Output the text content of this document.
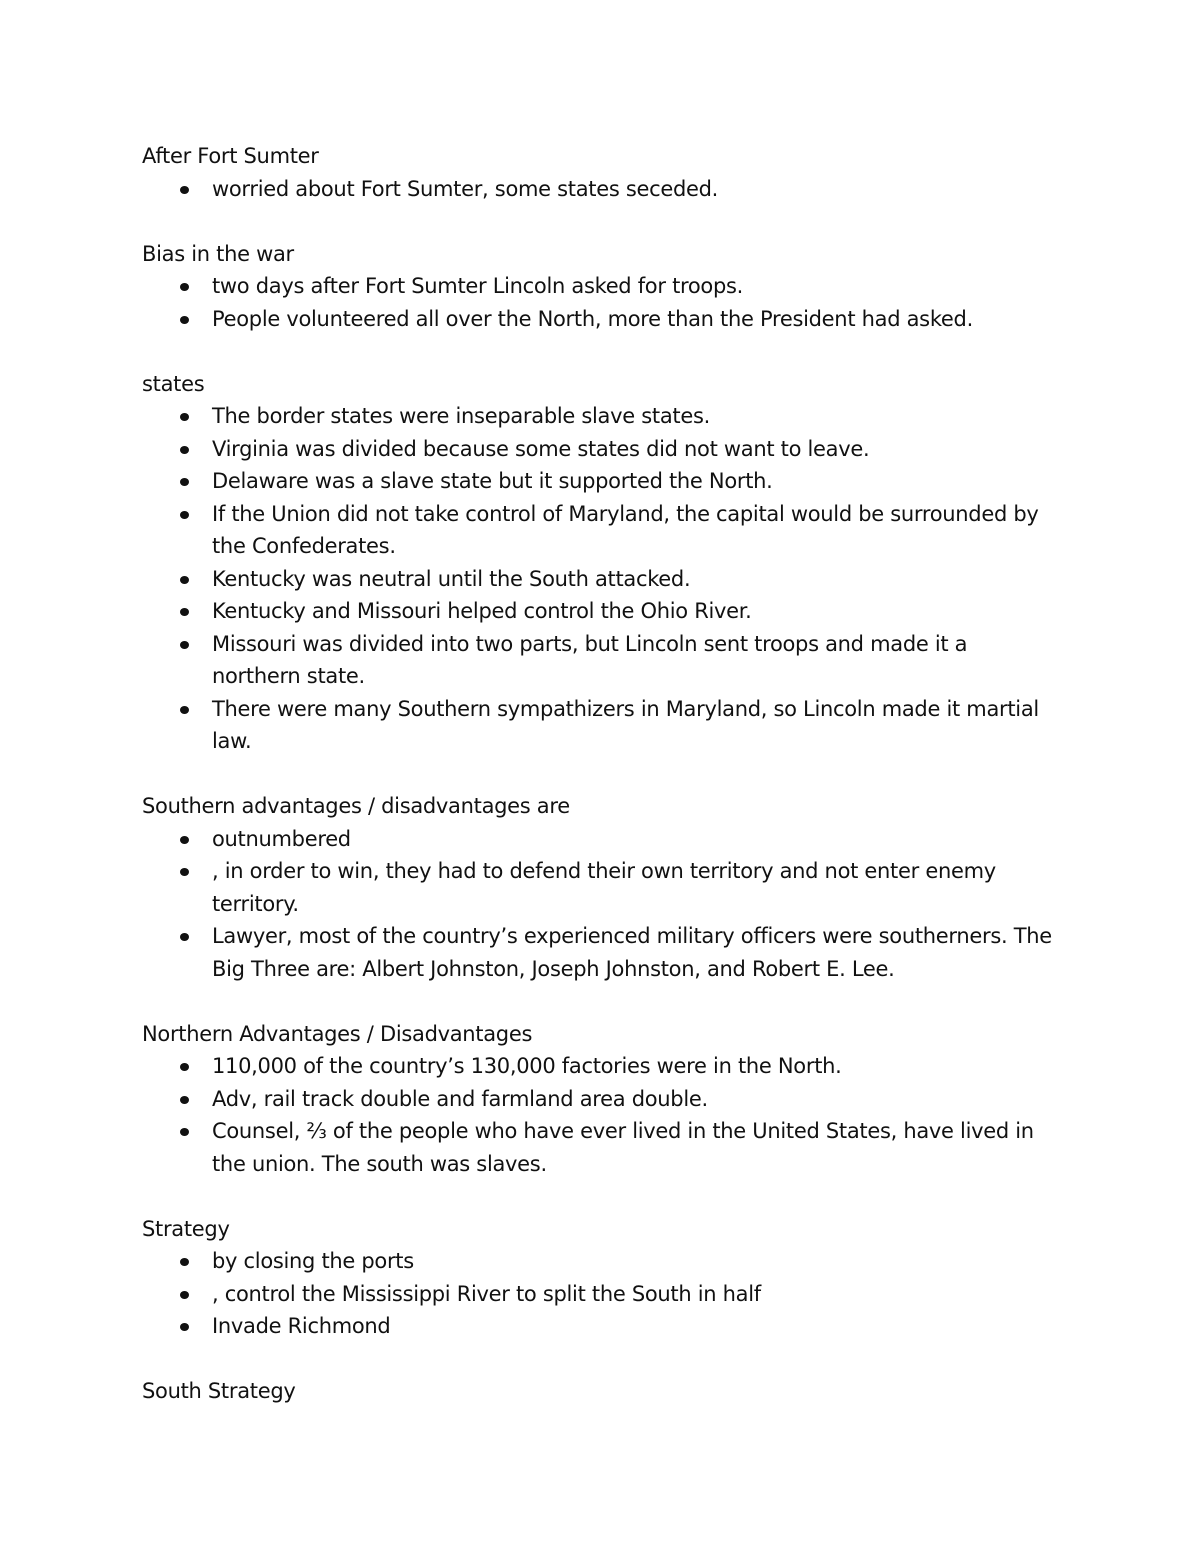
After Fort Sumter

worried about Fort Sumter, some states seceded.

Bias in the war

two days after Fort Sumter Lincoln asked for troops.
People volunteered all over the North, more than the President had asked.

states

The border states were inseparable slave states.
Virginia was divided because some states did not want to leave.
Delaware was a slave state but it supported the North.
If the Union did not take control of Maryland, the capital would be surrounded by the Confederates.
Kentucky was neutral until the South attacked.
Kentucky and Missouri helped control the Ohio River.
Missouri was divided into two parts, but Lincoln sent troops and made it a northern state.
There were many Southern sympathizers in Maryland, so Lincoln made it martial law.

Southern advantages / disadvantages are

outnumbered
, in order to win, they had to defend their own territory and not enter enemy territory.
Lawyer, most of the country’s experienced military officers were southerners. The Big Three are: Albert Johnston, Joseph Johnston, and Robert E. Lee.

Northern Advantages / Disadvantages

110,000 of the country’s 130,000 factories were in the North.
Adv, rail track double and farmland area double.
Counsel, ⅔ of the people who have ever lived in the United States, have lived in the union. The south was slaves.

Strategy

by closing the ports
, control the Mississippi River to split the South in half
Invade Richmond

South Strategy
